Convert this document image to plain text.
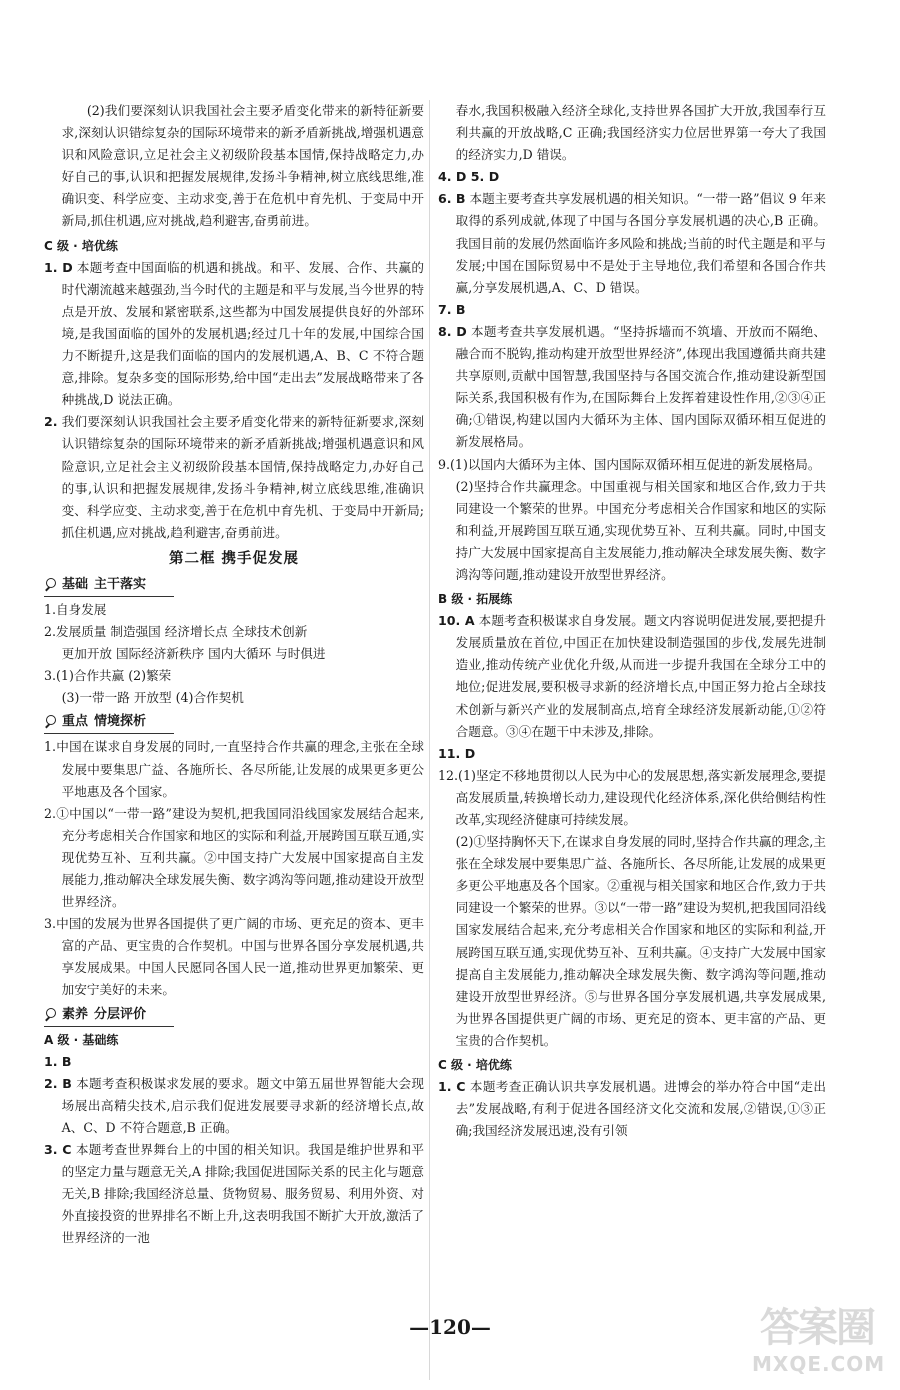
(2)我们要深刻认识我国社会主要矛盾变化带来的新特征新要求,深刻认识错综复杂的国际环境带来的新矛盾新挑战,增强机遇意识和风险意识,立足社会主义初级阶段基本国情,保持战略定力,办好自己的事,认识和把握发展规律,发扬斗争精神,树立底线思维,准确识变、科学应变、主动求变,善于在危机中育先机、于变局中开新局,抓住机遇,应对挑战,趋利避害,奋勇前进。

C 级 · 培优练

1. D 本题考查中国面临的机遇和挑战。和平、发展、合作、共赢的时代潮流越来越强劲,当今时代的主题是和平与发展,当今世界的特点是开放、发展和紧密联系,这些都为中国发展提供良好的外部环境,是我国面临的国外的发展机遇;经过几十年的发展,中国综合国力不断提升,这是我们面临的国内的发展机遇,A、B、C 不符合题意,排除。复杂多变的国际形势,给中国“走出去”发展战略带来了各种挑战,D 说法正确。

2. 我们要深刻认识我国社会主要矛盾变化带来的新特征新要求,深刻认识错综复杂的国际环境带来的新矛盾新挑战;增强机遇意识和风险意识,立足社会主义初级阶段基本国情,保持战略定力,办好自己的事,认识和把握发展规律,发扬斗争精神,树立底线思维,准确识变、科学应变、主动求变,善于在危机中育先机、于变局中开新局;抓住机遇,应对挑战,趋利避害,奋勇前进。

第二框 携手促发展

基础 主干落实

1.自身发展

2.发展质量 制造强国 经济增长点 全球技术创新

更加开放 国际经济新秩序 国内大循环 与时俱进

3.(1)合作共赢 (2)繁荣

(3)一带一路 开放型 (4)合作契机

重点 情境探析

1.中国在谋求自身发展的同时,一直坚持合作共赢的理念,主张在全球发展中要集思广益、各施所长、各尽所能,让发展的成果更多更公平地惠及各个国家。

2.①中国以“一带一路”建设为契机,把我国同沿线国家发展结合起来,充分考虑相关合作国家和地区的实际和利益,开展跨国互联互通,实现优势互补、互利共赢。②中国支持广大发展中国家提高自主发展能力,推动解决全球发展失衡、数字鸿沟等问题,推动建设开放型世界经济。

3.中国的发展为世界各国提供了更广阔的市场、更充足的资本、更丰富的产品、更宝贵的合作契机。中国与世界各国分享发展机遇,共享发展成果。中国人民愿同各国人民一道,推动世界更加繁荣、更加安宁美好的未来。

素养 分层评价

A 级 · 基础练

1. B

2. B 本题考查积极谋求发展的要求。题文中第五届世界智能大会现场展出高精尖技术,启示我们促进发展要寻求新的经济增长点,故 A、C、D 不符合题意,B 正确。

3. C 本题考查世界舞台上的中国的相关知识。我国是维护世界和平的坚定力量与题意无关,A 排除;我国促进国际关系的民主化与题意无关,B 排除;我国经济总量、货物贸易、服务贸易、利用外资、对外直接投资的世界排名不断上升,这表明我国不断扩大开放,激活了世界经济的一池

春水,我国积极融入经济全球化,支持世界各国扩大开放,我国奉行互利共赢的开放战略,C 正确;我国经济实力位居世界第一夸大了我国的经济实力,D 错误。

4. D 5. D

6. B 本题主要考查共享发展机遇的相关知识。“一带一路”倡议 9 年来取得的系列成就,体现了中国与各国分享发展机遇的决心,B 正确。我国目前的发展仍然面临许多风险和挑战;当前的时代主题是和平与发展;中国在国际贸易中不是处于主导地位,我们希望和各国合作共赢,分享发展机遇,A、C、D 错误。

7. B

8. D 本题考查共享发展机遇。“坚持拆墙而不筑墙、开放而不隔绝、融合而不脱钩,推动构建开放型世界经济”,体现出我国遵循共商共建共享原则,贡献中国智慧,我国坚持与各国交流合作,推动建设新型国际关系,我国积极有作为,在国际舞台上发挥着建设性作用,②③④正确;①错误,构建以国内大循环为主体、国内国际双循环相互促进的新发展格局。

9.(1)以国内大循环为主体、国内国际双循环相互促进的新发展格局。

(2)坚持合作共赢理念。中国重视与相关国家和地区合作,致力于共同建设一个繁荣的世界。中国充分考虑相关合作国家和地区的实际和利益,开展跨国互联互通,实现优势互补、互利共赢。同时,中国支持广大发展中国家提高自主发展能力,推动解决全球发展失衡、数字鸿沟等问题,推动建设开放型世界经济。

B 级 · 拓展练

10. A 本题考查积极谋求自身发展。题文内容说明促进发展,要把提升发展质量放在首位,中国正在加快建设制造强国的步伐,发展先进制造业,推动传统产业优化升级,从而进一步提升我国在全球分工中的地位;促进发展,要积极寻求新的经济增长点,中国正努力抢占全球技术创新与新兴产业的发展制高点,培育全球经济发展新动能,①②符合题意。③④在题干中未涉及,排除。

11. D

12.(1)坚定不移地贯彻以人民为中心的发展思想,落实新发展理念,要提高发展质量,转换增长动力,建设现代化经济体系,深化供给侧结构性改革,实现经济健康可持续发展。

(2)①坚持胸怀天下,在谋求自身发展的同时,坚持合作共赢的理念,主张在全球发展中要集思广益、各施所长、各尽所能,让发展的成果更多更公平地惠及各个国家。②重视与相关国家和地区合作,致力于共同建设一个繁荣的世界。③以“一带一路”建设为契机,把我国同沿线国家发展结合起来,充分考虑相关合作国家和地区的实际和利益,开展跨国互联互通,实现优势互补、互利共赢。④支持广大发展中国家提高自主发展能力,推动解决全球发展失衡、数字鸿沟等问题,推动建设开放型世界经济。⑤与世界各国分享发展机遇,共享发展成果,为世界各国提供更广阔的市场、更充足的资本、更丰富的产品、更宝贵的合作契机。

C 级 · 培优练

1. C 本题考查正确认识共享发展机遇。进博会的举办符合中国“走出去”发展战略,有利于促进各国经济文化交流和发展,②错误,①③正确;我国经济发展迅速,没有引领

—120—	答案圈
MXQE.COM
